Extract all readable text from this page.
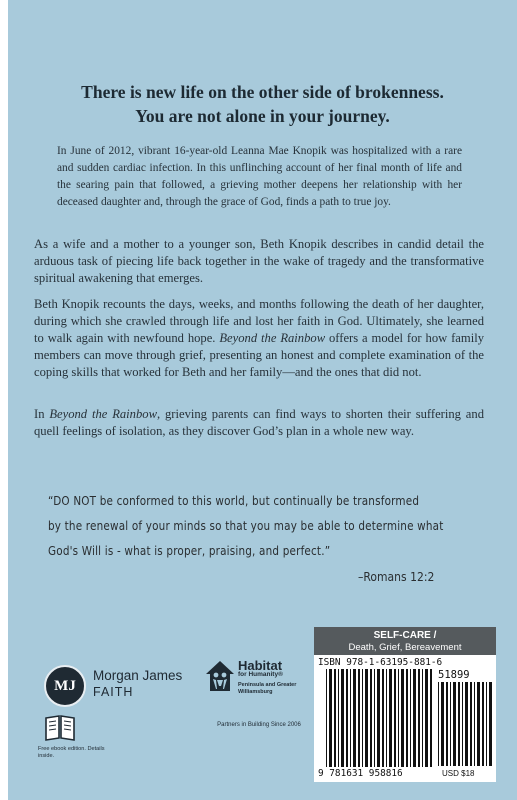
There is new life on the other side of brokenness.
You are not alone in your journey.

In June of 2012, vibrant 16-year-old Leanna Mae Knopik was hospitalized with a rare and sudden cardiac infection. In this unflinching account of her final month of life and the searing pain that followed, a grieving mother deepens her relationship with her deceased daughter and, through the grace of God, finds a path to true joy.

As a wife and a mother to a younger son, Beth Knopik describes in candid detail the arduous task of piecing life back together in the wake of tragedy and the transformative spiritual awakening that emerges.

Beth Knopik recounts the days, weeks, and months following the death of her daughter, during which she crawled through life and lost her faith in God. Ultimately, she learned to walk again with newfound hope. Beyond the Rainbow offers a model for how family members can move through grief, presenting an honest and complete examination of the coping skills that worked for Beth and her family—and the ones that did not.

In Beyond the Rainbow, grieving parents can find ways to shorten their suffering and quell feelings of isolation, as they discover God’s plan in a whole new way.

“DO NOT be conformed to this world, but continually be transformed
by the renewal of your minds so that you may be able to determine what
God's Will is - what is proper, praising, and perfect.”
–Romans 12:2
MJ
Morgan James
FAITH
Free ebook edition. Details inside.
Habitat
for Humanity®
Peninsula and Greater Williamsburg
Partners in Building Since 2006
SELF-CARE /
Death, Grief, Bereavement
ISBN 978-1-63195-881-6
51899
9 781631 958816	USD $18
